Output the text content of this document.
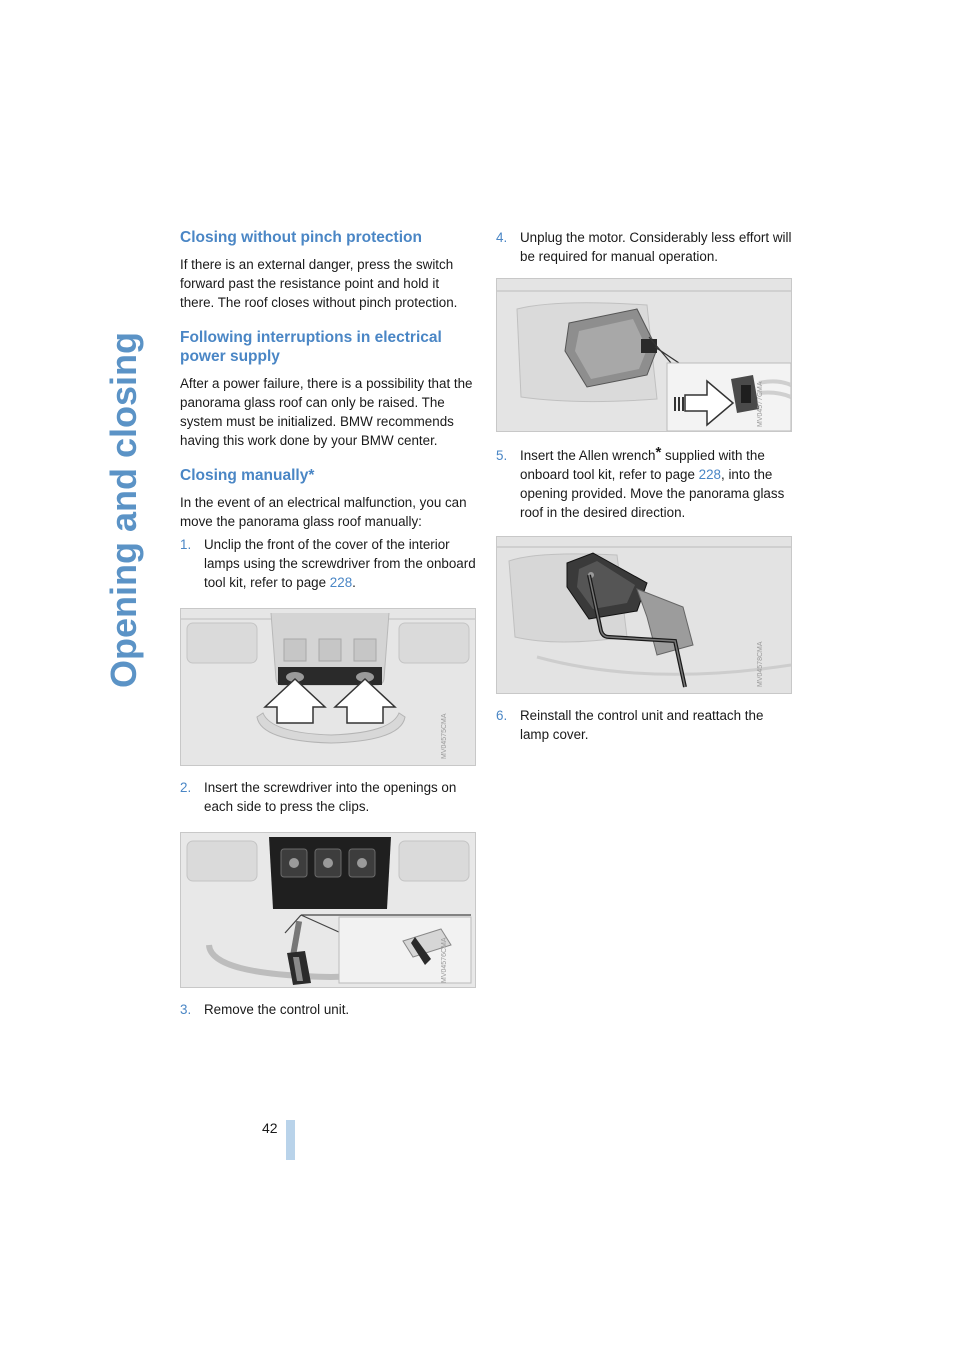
Opening and closing
42
Closing without pinch protection

If there is an external danger, press the switch forward past the resistance point and hold it there. The roof closes without pinch protection.

Following interruptions in electrical power supply

After a power failure, there is a possibility that the panorama glass roof can only be raised. The system must be initialized. BMW recommends having this work done by your BMW center.

Closing manually*

In the event of an electrical malfunction, you can move the panorama glass roof manually:

1. Unclip the front of the cover of the interior lamps using the screwdriver from the onboard tool kit, refer to page 228.
MV04575CMA
2. Insert the screwdriver into the openings on each side to press the clips.
MV04576CMA
3. Remove the control unit.
4. Unplug the motor. Considerably less effort will be required for manual operation.
MV04577CMA
5. Insert the Allen wrench* supplied with the onboard tool kit, refer to page 228, into the opening provided. Move the panorama glass roof in the desired direction.
MV04578CMA
6. Reinstall the control unit and reattach the lamp cover.
